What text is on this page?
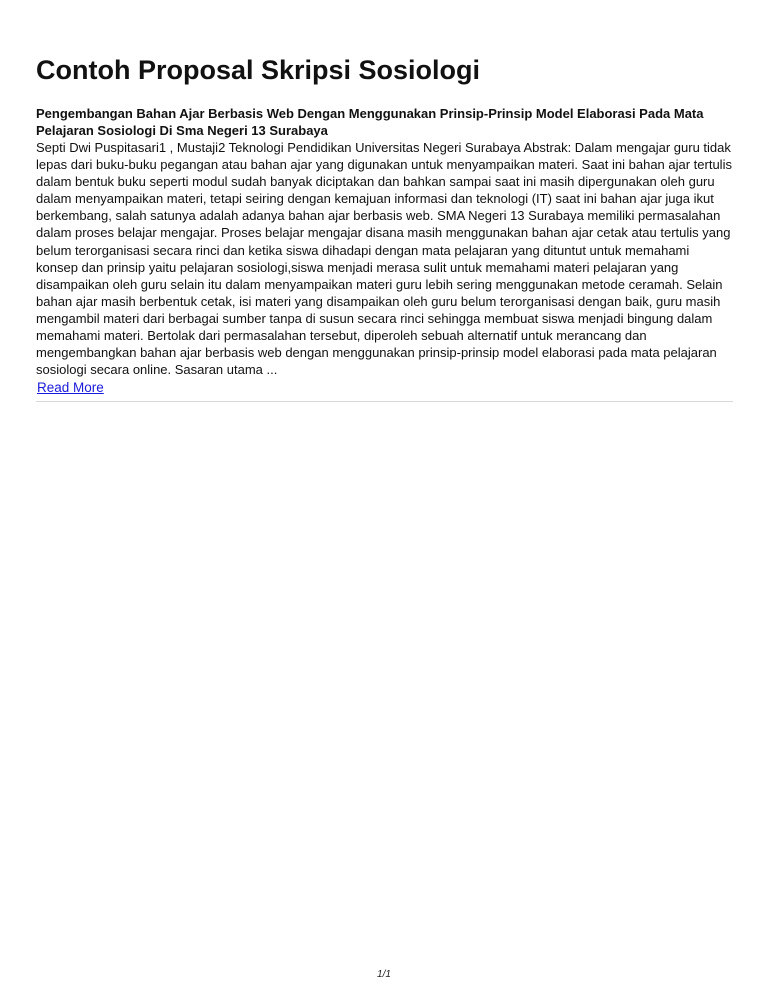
Contoh Proposal Skripsi Sosiologi
Pengembangan Bahan Ajar Berbasis Web Dengan Menggunakan Prinsip-Prinsip Model Elaborasi Pada Mata Pelajaran Sosiologi Di Sma Negeri 13 Surabaya

Septi Dwi Puspitasari1 , Mustaji2 Teknologi Pendidikan Universitas Negeri Surabaya Abstrak: Dalam mengajar guru tidak lepas dari buku-buku pegangan atau bahan ajar yang digunakan untuk menyampaikan materi. Saat ini bahan ajar tertulis dalam bentuk buku seperti modul sudah banyak diciptakan dan bahkan sampai saat ini masih dipergunakan oleh guru dalam menyampaikan materi, tetapi seiring dengan kemajuan informasi dan teknologi (IT) saat ini bahan ajar juga ikut berkembang, salah satunya adalah adanya bahan ajar berbasis web. SMA Negeri 13 Surabaya memiliki permasalahan dalam proses belajar mengajar. Proses belajar mengajar disana masih menggunakan bahan ajar cetak atau tertulis yang belum terorganisasi secara rinci dan ketika siswa dihadapi dengan mata pelajaran yang dituntut untuk memahami konsep dan prinsip yaitu pelajaran sosiologi,siswa menjadi merasa sulit untuk memahami materi pelajaran yang disampaikan oleh guru selain itu dalam menyampaikan materi guru lebih sering menggunakan metode ceramah. Selain bahan ajar masih berbentuk cetak, isi materi yang disampaikan oleh guru belum terorganisasi dengan baik, guru masih mengambil materi dari berbagai sumber tanpa di susun secara rinci sehingga membuat siswa menjadi bingung dalam memahami materi. Bertolak dari permasalahan tersebut, diperoleh sebuah alternatif untuk merancang dan mengembangkan bahan ajar berbasis web dengan menggunakan prinsip-prinsip model elaborasi pada mata pelajaran sosiologi secara online. Sasaran utama ...

Read More
1/1
